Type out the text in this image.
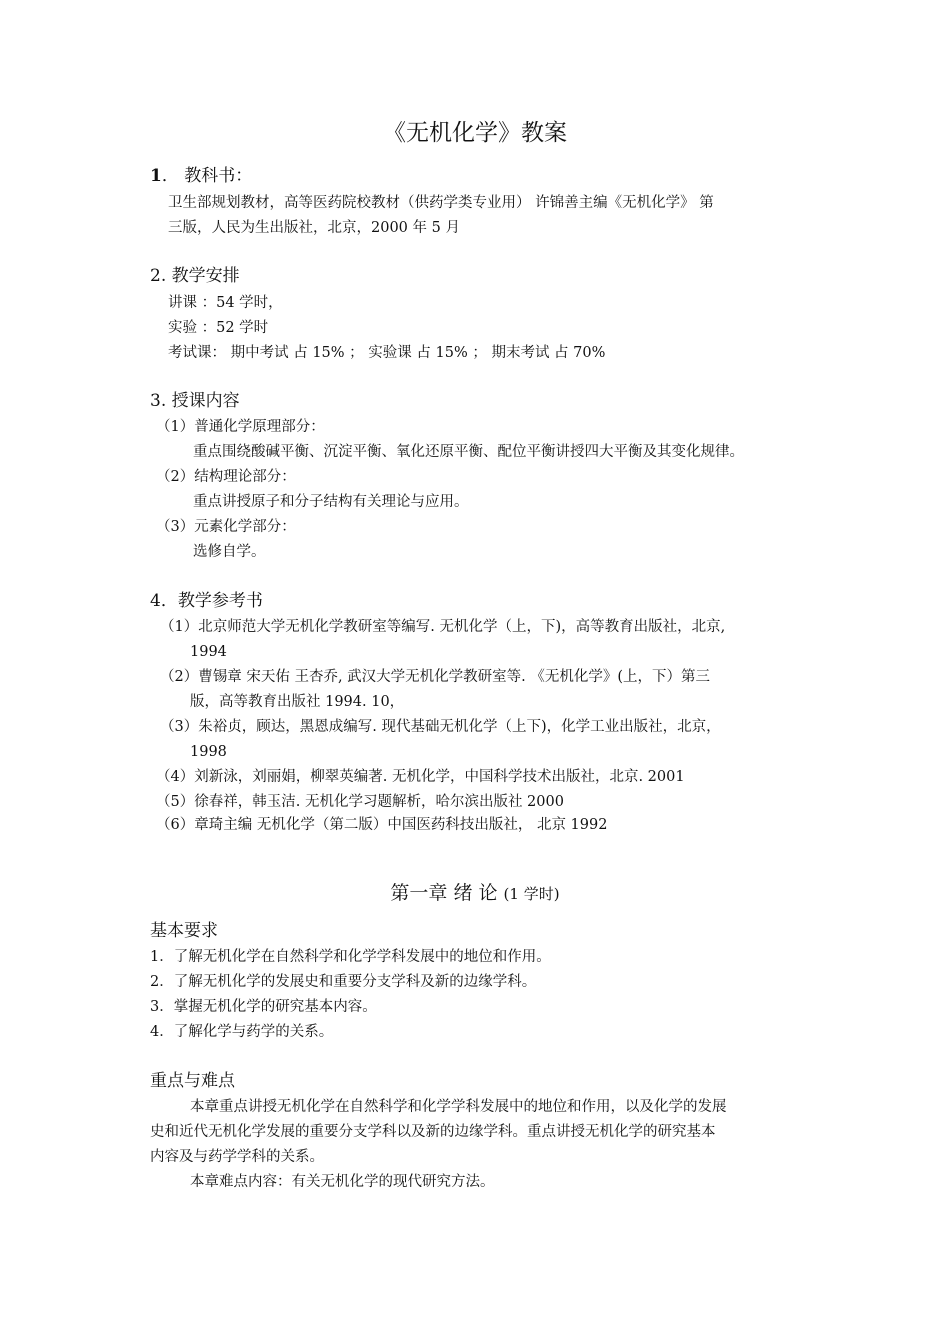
《无机化学》教案
1． 教科书：
卫生部规划教材，高等医药院校教材（供药学类专业用） 许锦善主编《无机化学》 第
三版，人民为生出版社，北京，2000 年 5 月
2. 教学安排
讲课 ：54 学时，
实验 ：52 学时
考试课： 期中考试 占 15% ； 实验课 占 15% ； 期末考试 占 70%
3. 授课内容
（1）普通化学原理部分：
重点围绕酸碱平衡、沉淀平衡、氧化还原平衡、配位平衡讲授四大平衡及其变化规律。
（2）结构理论部分：
重点讲授原子和分子结构有关理论与应用。
（3）元素化学部分：
选修自学。
4．教学参考书
（1）北京师范大学无机化学教研室等编写. 无机化学（上，下)，高等教育出版社，北京,
1994
（2）曹锡章 宋天佑 王杏乔, 武汉大学无机化学教研室等. 《无机化学》(上，下）第三
版，高等教育出版社 1994. 10，
（3）朱裕贞，顾达，黑恩成编写. 现代基础无机化学（上下)，化学工业出版社，北京，
1998
（4）刘新泳，刘丽娟，柳翠英编著. 无机化学，中国科学技术出版社，北京. 2001
（5）徐春祥，韩玉洁. 无机化学习题解析，哈尔滨出版社 2000
（6）章琦主编 无机化学（第二版）中国医药科技出版社， 北京 1992
第一章 绪 论 (1 学时)
基本要求
1．了解无机化学在自然科学和化学学科发展中的地位和作用。
2．了解无机化学的发展史和重要分支学科及新的边缘学科。
3．掌握无机化学的研究基本内容。
4．了解化学与药学的关系。
重点与难点
本章重点讲授无机化学在自然科学和化学学科发展中的地位和作用，以及化学的发展
史和近代无机化学发展的重要分支学科以及新的边缘学科。重点讲授无机化学的研究基本
内容及与药学学科的关系。
本章难点内容：有关无机化学的现代研究方法。
